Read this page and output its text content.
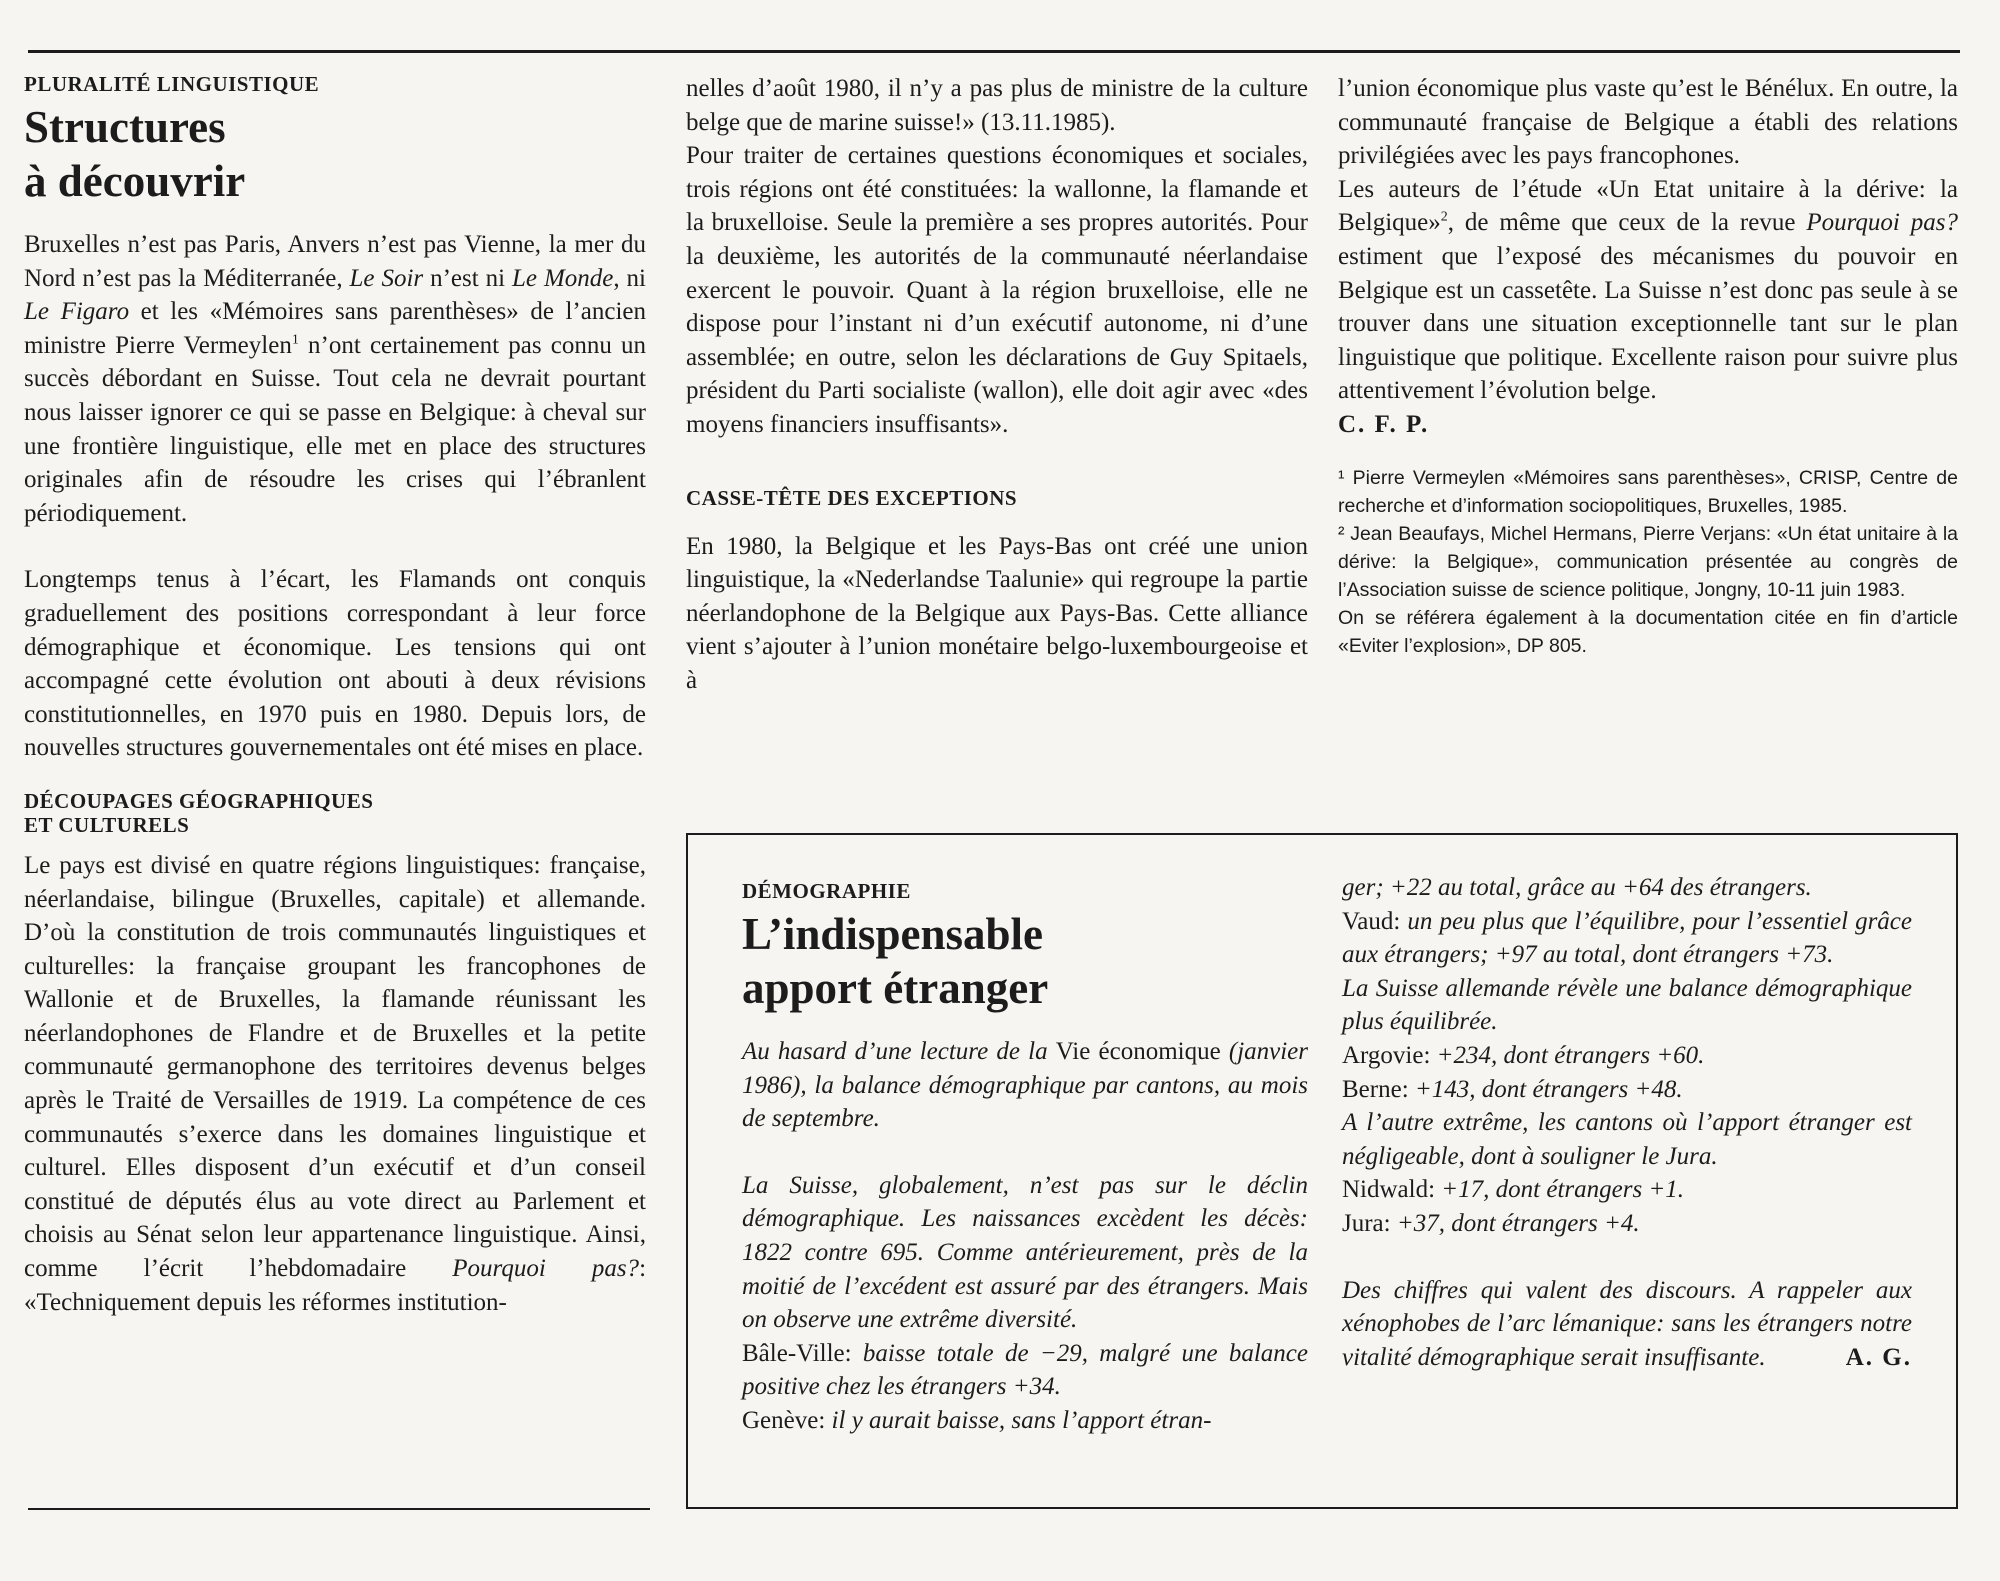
PLURALITÉ LINGUISTIQUE

Structures
à découvrir

Bruxelles n’est pas Paris, Anvers n’est pas Vienne, la mer du Nord n’est pas la Méditerranée, Le Soir n’est ni Le Monde, ni Le Figaro et les «Mémoires sans parenthèses» de l’ancien ministre Pierre Vermeylen$^1$ n’ont certainement pas connu un succès débordant en Suisse. Tout cela ne devrait pourtant nous laisser ignorer ce qui se passe en Belgique: à cheval sur une frontière linguistique, elle met en place des structures originales afin de résoudre les crises qui l’ébranlent périodiquement.

Longtemps tenus à l’écart, les Flamands ont conquis graduellement des positions correspondant à leur force démographique et économique. Les tensions qui ont accompagné cette évolution ont abouti à deux révisions constitutionnelles, en 1970 puis en 1980. Depuis lors, de nouvelles structures gouvernementales ont été mises en place.

DÉCOUPAGES GÉOGRAPHIQUES
ET CULTURELS

Le pays est divisé en quatre régions linguistiques: française, néerlandaise, bilingue (Bruxelles, capitale) et allemande. D’où la constitution de trois communautés linguistiques et culturelles: la française groupant les francophones de Wallonie et de Bruxelles, la flamande réunissant les néerlandophones de Flandre et de Bruxelles et la petite communauté germanophone des territoires devenus belges après le Traité de Versailles de 1919. La compétence de ces communautés s’exerce dans les domaines linguistique et culturel. Elles disposent d’un exécutif et d’un conseil constitué de députés élus au vote direct au Parlement et choisis au Sénat selon leur appartenance linguistique. Ainsi, comme l’écrit l’hebdomadaire Pourquoi pas?: «Techniquement depuis les réformes institution-

nelles d’août 1980, il n’y a pas plus de ministre de la culture belge que de marine suisse!» (13.11.1985).

Pour traiter de certaines questions économiques et sociales, trois régions ont été constituées: la wallonne, la flamande et la bruxelloise. Seule la première a ses propres autorités. Pour la deuxième, les autorités de la communauté néerlandaise exercent le pouvoir. Quant à la région bruxelloise, elle ne dispose pour l’instant ni d’un exécutif autonome, ni d’une assemblée; en outre, selon les déclarations de Guy Spitaels, président du Parti socialiste (wallon), elle doit agir avec «des moyens financiers insuffisants».

CASSE-TÊTE DES EXCEPTIONS

En 1980, la Belgique et les Pays-Bas ont créé une union linguistique, la «Nederlandse Taalunie» qui regroupe la partie néerlandophone de la Belgique aux Pays-Bas. Cette alliance vient s’ajouter à l’union monétaire belgo-luxembourgeoise et à

l’union économique plus vaste qu’est le Bénélux. En outre, la communauté française de Belgique a établi des relations privilégiées avec les pays francophones.

Les auteurs de l’étude «Un Etat unitaire à la dérive: la Belgique»$^2$, de même que ceux de la revue Pourquoi pas? estiment que l’exposé des mécanismes du pouvoir en Belgique est un cassetête. La Suisse n’est donc pas seule à se trouver dans une situation exceptionnelle tant sur le plan linguistique que politique. Excellente raison pour suivre plus attentivement l’évolution belge.

C. F. P.

¹ Pierre Vermeylen «Mémoires sans parenthèses», CRISP, Centre de recherche et d’information sociopolitiques, Bruxelles, 1985.

² Jean Beaufays, Michel Hermans, Pierre Verjans: «Un état unitaire à la dérive: la Belgique», communication présentée au congrès de l’Association suisse de science politique, Jongny, 10-11 juin 1983.

On se référera également à la documentation citée en fin d’article «Eviter l’explosion», DP 805.

DÉMOGRAPHIE

L’indispensable
apport étranger

Au hasard d’une lecture de la Vie économique (janvier 1986), la balance démographique par cantons, au mois de septembre.

La Suisse, globalement, n’est pas sur le déclin démographique. Les naissances excèdent les décès: 1822 contre 695. Comme antérieurement, près de la moitié de l’excédent est assuré par des étrangers. Mais on observe une extrême diversité.

Bâle-Ville: baisse totale de −29, malgré une balance positive chez les étrangers +34.

Genève: il y aurait baisse, sans l’apport étran-

ger; +22 au total, grâce au +64 des étrangers.

Vaud: un peu plus que l’équilibre, pour l’essentiel grâce aux étrangers; +97 au total, dont étrangers +73.

La Suisse allemande révèle une balance démographique plus équilibrée.

Argovie: +234, dont étrangers +60.

Berne: +143, dont étrangers +48.

A l’autre extrême, les cantons où l’apport étranger est négligeable, dont à souligner le Jura.

Nidwald: +17, dont étrangers +1.

Jura: +37, dont étrangers +4.

Des chiffres qui valent des discours. A rappeler aux xénophobes de l’arc lémanique: sans les étrangers notre vitalité démographique serait insuffisante.	A. G.
